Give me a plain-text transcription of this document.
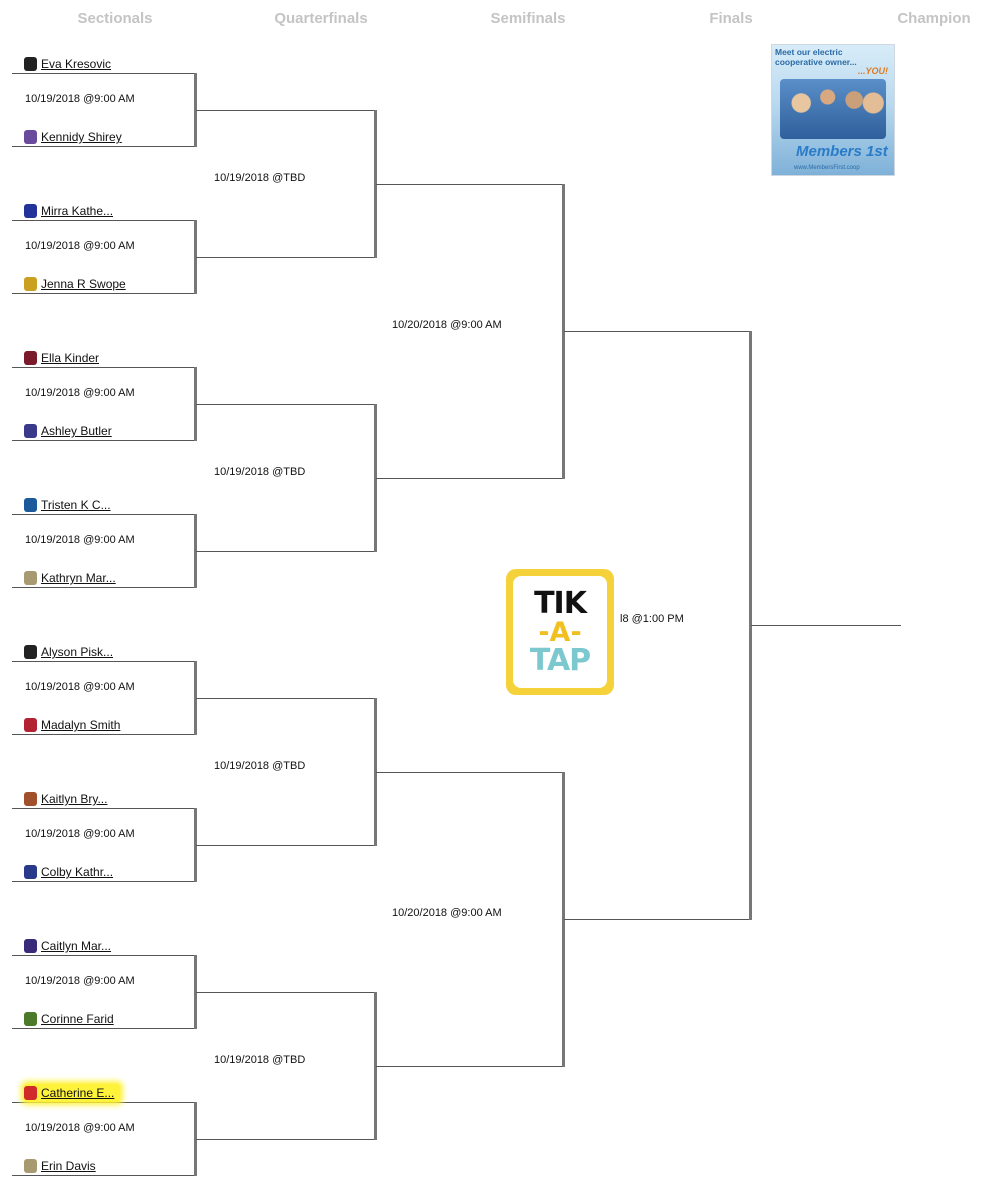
Sectionals	Quarterfinals	Semifinals	Finals	Champion
Meet our electric
cooperative owner...
...YOU!
Members 1st
www.MembersFirst.coop
TIK
-A-
TAP
10/19/2018 @9:00 AM
10/19/2018 @9:00 AM
10/19/2018 @9:00 AM
10/19/2018 @9:00 AM
10/19/2018 @9:00 AM
10/19/2018 @9:00 AM
10/19/2018 @9:00 AM
10/19/2018 @9:00 AM
Eva Kresovic
Kennidy Shirey
Mirra Kathe...
Jenna R Swope
Ella Kinder
Ashley Butler
Tristen K C...
Kathryn Mar...
Alyson Pisk...
Madalyn Smith
Kaitlyn Bry...
Colby Kathr...
Caitlyn Mar...
Corinne Farid
Catherine E...
Erin Davis
10/19/2018 @TBD
10/19/2018 @TBD
10/19/2018 @TBD
10/19/2018 @TBD
10/20/2018 @9:00 AM
10/20/2018 @9:00 AM
l8 @1:00 PM
